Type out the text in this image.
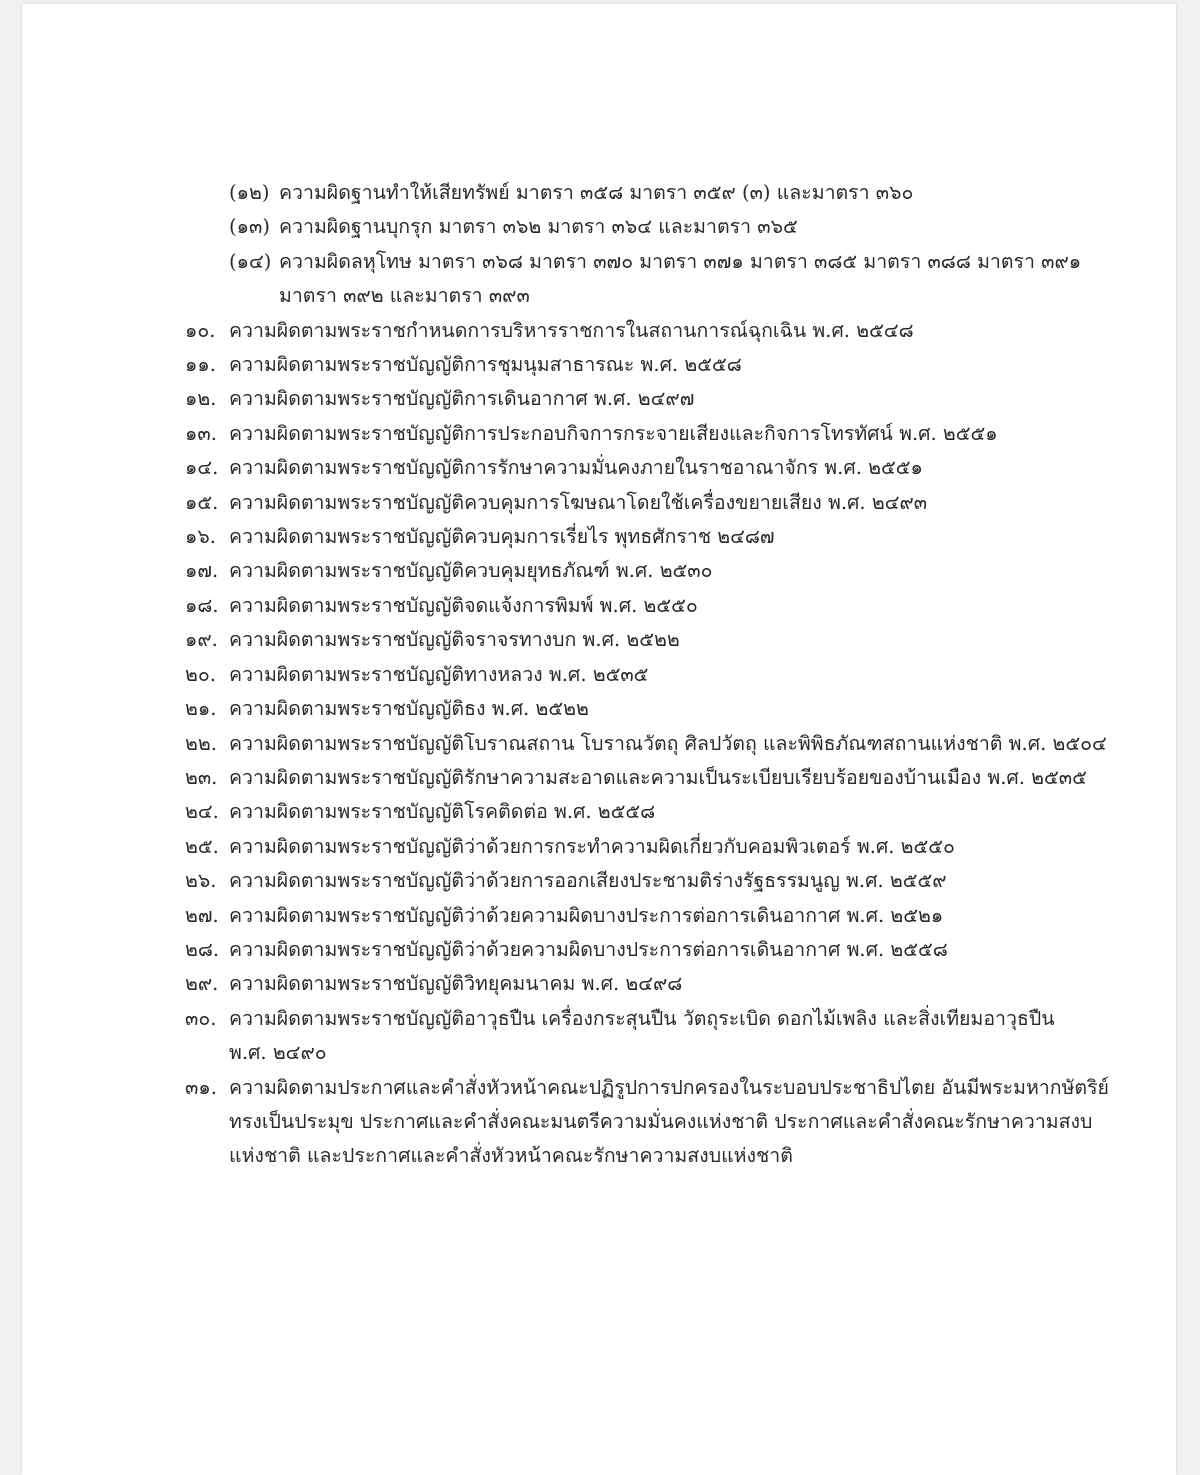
(๑๒) ความผิดฐานทำให้เสียทรัพย์ มาตรา ๓๕๘ มาตรา ๓๕๙ (๓) และมาตรา ๓๖๐
(๑๓) ความผิดฐานบุกรุก มาตรา ๓๖๒ มาตรา ๓๖๔ และมาตรา ๓๖๕
(๑๔) ความผิดลหุโทษ มาตรา ๓๖๘ มาตรา ๓๗๐ มาตรา ๓๗๑ มาตรา ๓๘๕ มาตรา ๓๘๘ มาตรา ๓๙๑
มาตรา ๓๙๒ และมาตรา ๓๙๓
๑๐. ความผิดตามพระราชกำหนดการบริหารราชการในสถานการณ์ฉุกเฉิน พ.ศ. ๒๕๔๘
๑๑. ความผิดตามพระราชบัญญัติการชุมนุมสาธารณะ พ.ศ. ๒๕๕๘
๑๒. ความผิดตามพระราชบัญญัติการเดินอากาศ พ.ศ. ๒๔๙๗
๑๓. ความผิดตามพระราชบัญญัติการประกอบกิจการกระจายเสียงและกิจการโทรทัศน์ พ.ศ. ๒๕๕๑
๑๔. ความผิดตามพระราชบัญญัติการรักษาความมั่นคงภายในราชอาณาจักร พ.ศ. ๒๕๕๑
๑๕. ความผิดตามพระราชบัญญัติควบคุมการโฆษณาโดยใช้เครื่องขยายเสียง พ.ศ. ๒๔๙๓
๑๖. ความผิดตามพระราชบัญญัติควบคุมการเรี่ยไร พุทธศักราช ๒๔๘๗
๑๗. ความผิดตามพระราชบัญญัติควบคุมยุทธภัณฑ์ พ.ศ. ๒๕๓๐
๑๘. ความผิดตามพระราชบัญญัติจดแจ้งการพิมพ์ พ.ศ. ๒๕๕๐
๑๙. ความผิดตามพระราชบัญญัติจราจรทางบก พ.ศ. ๒๕๒๒
๒๐. ความผิดตามพระราชบัญญัติทางหลวง พ.ศ. ๒๕๓๕
๒๑. ความผิดตามพระราชบัญญัติธง พ.ศ. ๒๕๒๒
๒๒. ความผิดตามพระราชบัญญัติโบราณสถาน โบราณวัตถุ ศิลปวัตถุ และพิพิธภัณฑสถานแห่งชาติ พ.ศ. ๒๕๐๔
๒๓. ความผิดตามพระราชบัญญัติรักษาความสะอาดและความเป็นระเบียบเรียบร้อยของบ้านเมือง พ.ศ. ๒๕๓๕
๒๔. ความผิดตามพระราชบัญญัติโรคติดต่อ พ.ศ. ๒๕๕๘
๒๕. ความผิดตามพระราชบัญญัติว่าด้วยการกระทำความผิดเกี่ยวกับคอมพิวเตอร์ พ.ศ. ๒๕๕๐
๒๖. ความผิดตามพระราชบัญญัติว่าด้วยการออกเสียงประชามติร่างรัฐธรรมนูญ พ.ศ. ๒๕๕๙
๒๗. ความผิดตามพระราชบัญญัติว่าด้วยความผิดบางประการต่อการเดินอากาศ พ.ศ. ๒๕๒๑
๒๘. ความผิดตามพระราชบัญญัติว่าด้วยความผิดบางประการต่อการเดินอากาศ พ.ศ. ๒๕๕๘
๒๙. ความผิดตามพระราชบัญญัติวิทยุคมนาคม พ.ศ. ๒๔๙๘
๓๐. ความผิดตามพระราชบัญญัติอาวุธปืน เครื่องกระสุนปืน วัตถุระเบิด ดอกไม้เพลิง และสิ่งเทียมอาวุธปืน
พ.ศ. ๒๔๙๐
๓๑. ความผิดตามประกาศและคำสั่งหัวหน้าคณะปฏิรูปการปกครองในระบอบประชาธิปไตย อันมีพระมหากษัตริย์
ทรงเป็นประมุข ประกาศและคำสั่งคณะมนตรีความมั่นคงแห่งชาติ ประกาศและคำสั่งคณะรักษาความสงบ
แห่งชาติ และประกาศและคำสั่งหัวหน้าคณะรักษาความสงบแห่งชาติ
